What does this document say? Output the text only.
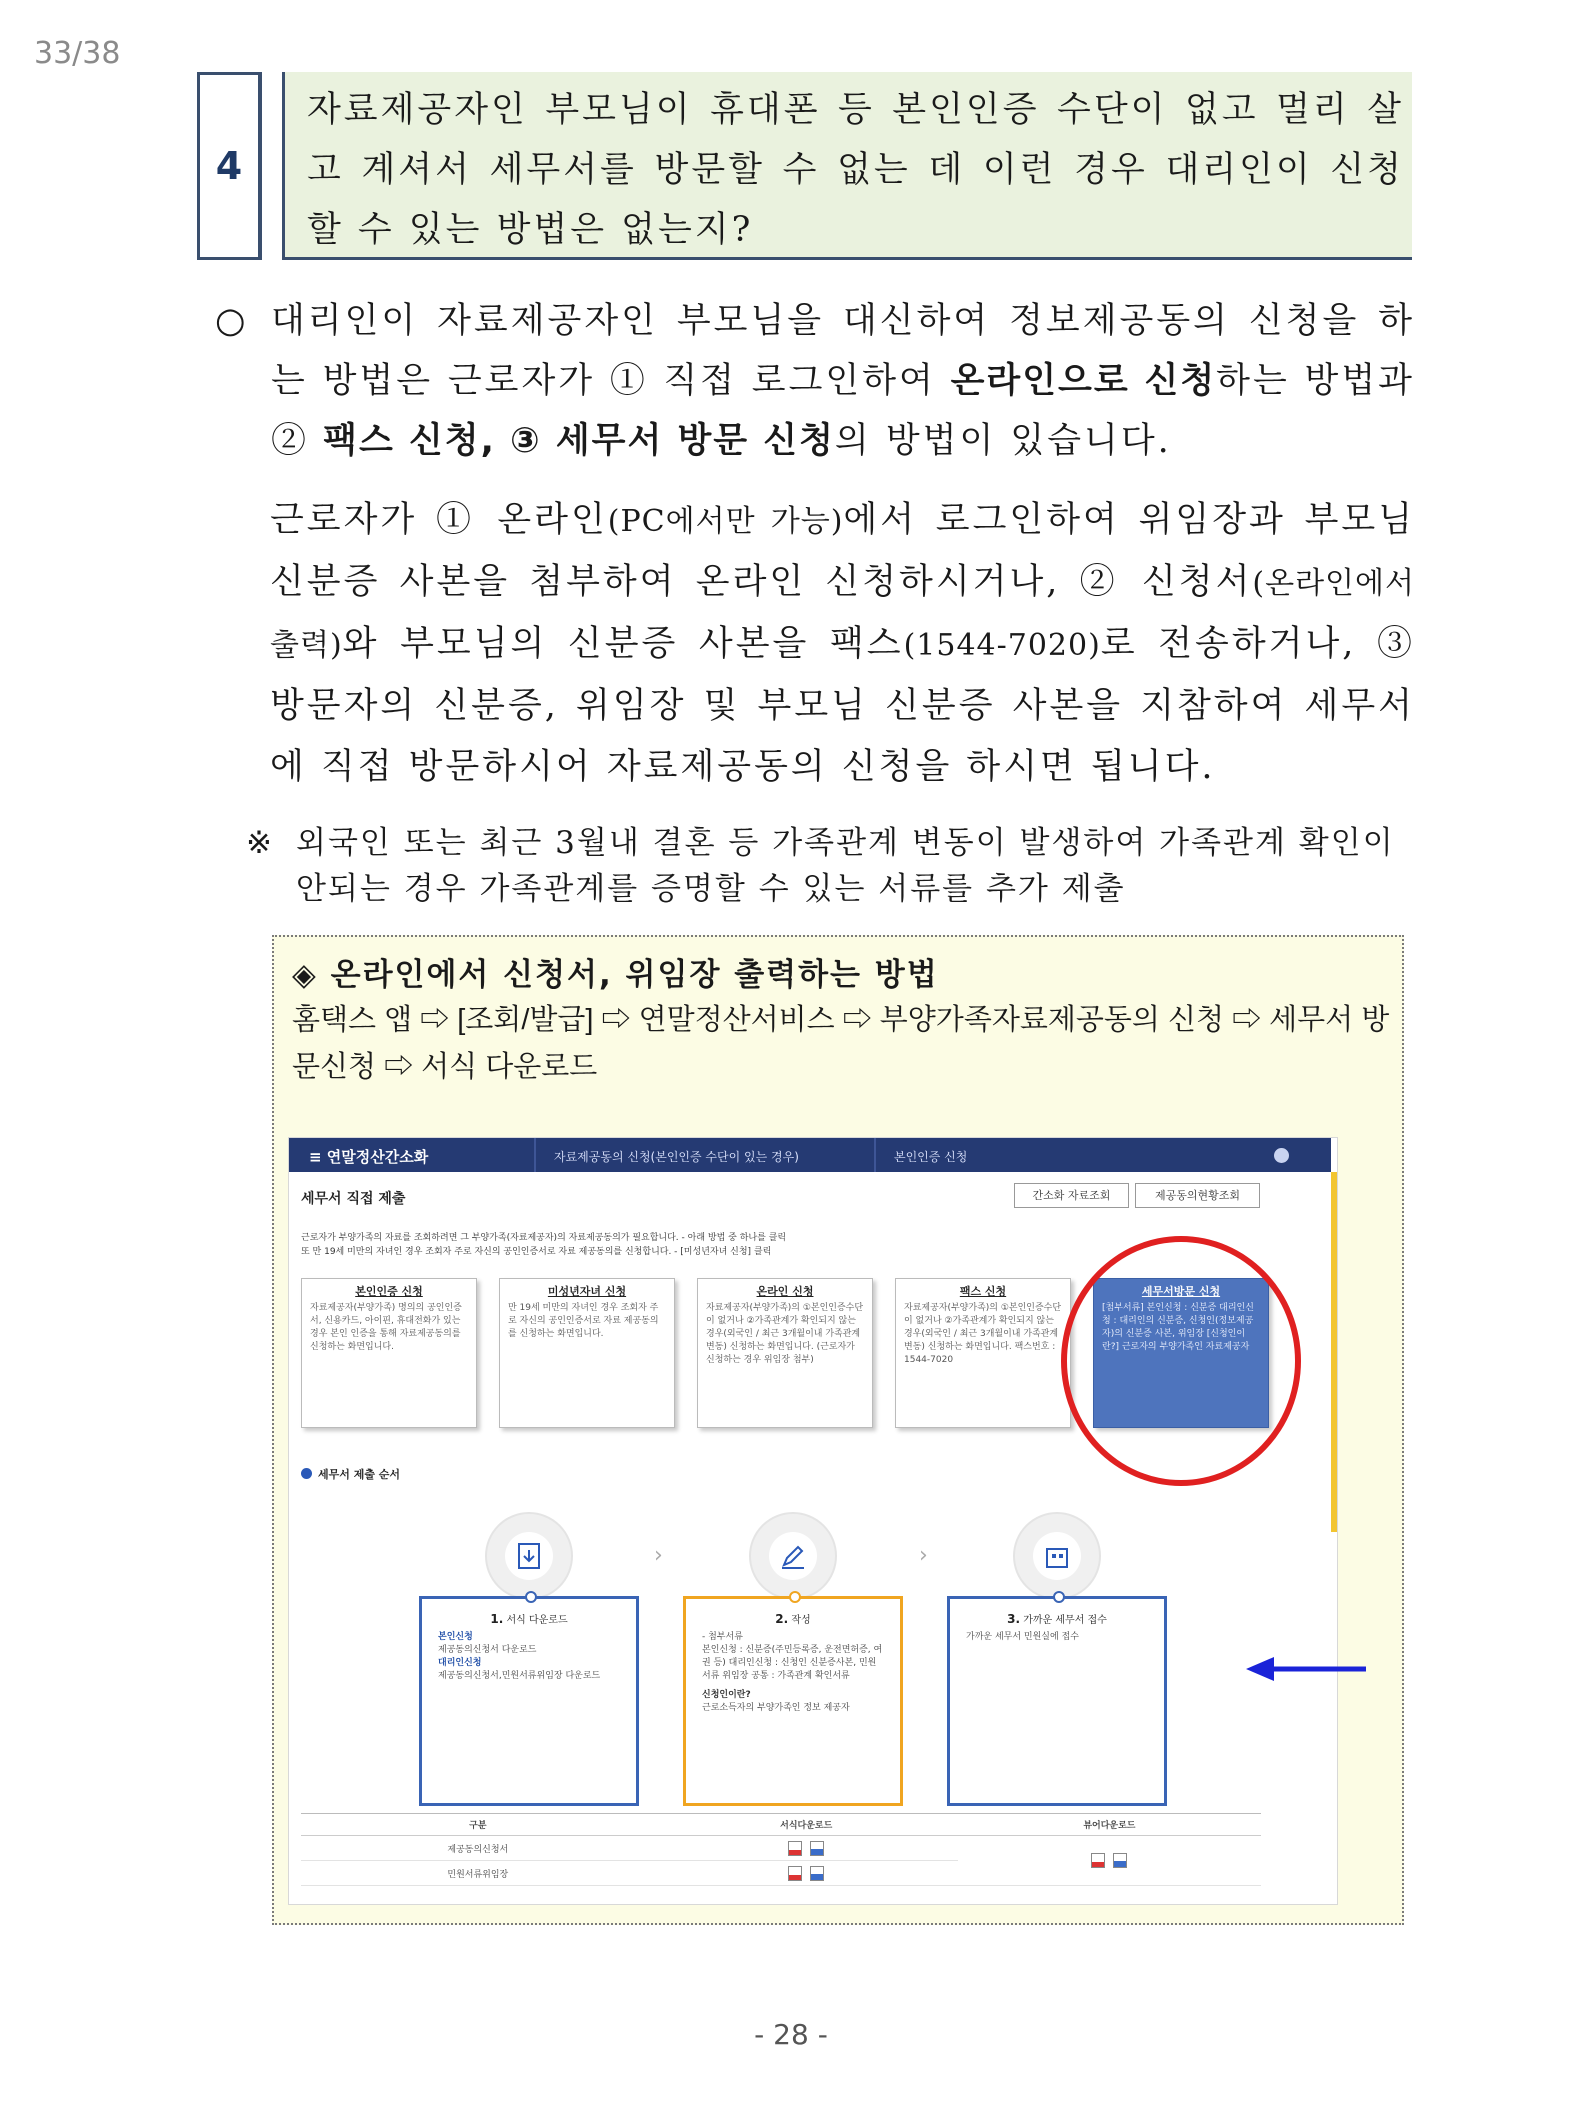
33/38
4
자료제공자인 부모님이 휴대폰 등 본인인증 수단이 없고 멀리 살고 계셔서 세무서를 방문할 수 없는 데 이런 경우 대리인이 신청할 수 있는 방법은 없는지?
○ 대리인이 자료제공자인 부모님을 대신하여 정보제공동의 신청을 하는 방법은 근로자가 ① 직접 로그인하여 온라인으로 신청하는 방법과 ② 팩스 신청, ③ 세무서 방문 신청의 방법이 있습니다.
근로자가 ① 온라인(PC에서만 가능)에서 로그인하여 위임장과 부모님 신분증 사본을 첨부하여 온라인 신청하시거나, ② 신청서(온라인에서 출력)와 부모님의 신분증 사본을 팩스(1544-7020)로 전송하거나, ③ 방문자의 신분증, 위임장 및 부모님 신분증 사본을 지참하여 세무서에 직접 방문하시어 자료제공동의 신청을 하시면 됩니다.
※ 외국인 또는 최근 3월내 결혼 등 가족관계 변동이 발생하여 가족관계 확인이 안되는 경우 가족관계를 증명할 수 있는 서류를 추가 제출
◈ 온라인에서 신청서, 위임장 출력하는 방법
홈택스 앱 ⇨ [조회/발급] ⇨ 연말정산서비스 ⇨ 부양가족자료제공동의 신청 ⇨ 세무서 방문신청 ⇨ 서식 다운로드
≡ 연말정산간소화	자료제공동의 신청(본인인증 수단이 있는 경우)	본인인증 신청
세무서 직접 제출	간소화 자료조회	제공동의현황조회
근로자가 부양가족의 자료를 조회하려면 그 부양가족(자료제공자)의 자료제공동의가 필요합니다. - 아래 방법 중 하나를 클릭
또 만 19세 미만의 자녀인 경우 조회자 주로 자신의 공인인증서로 자료 제공동의를 신청합니다. - [미성년자녀 신청] 클릭
본인인증 신청
자료제공자(부양가족) 명의의 공인인증서, 신용카드, 아이핀, 휴대전화가 있는 경우 본인 인증을 통해 자료제공동의를 신청하는 화면입니다.
미성년자녀 신청
만 19세 미만의 자녀인 경우 조회자 주로 자신의 공인인증서로 자료 제공동의를 신청하는 화면입니다.
온라인 신청
자료제공자(부양가족)의 ①본인인증수단이 없거나 ②가족관계가 확인되지 않는 경우(외국인 / 최근 3개월이내 가족관계 변동) 신청하는 화면입니다. (근로자가 신청하는 경우 위임장 첨부)
팩스 신청
자료제공자(부양가족)의 ①본인인증수단이 없거나 ②가족관계가 확인되지 않는 경우(외국인 / 최근 3개월이내 가족관계 변동) 신청하는 화면입니다. 팩스번호 : 1544-7020
세무서방문 신청
[첨부서류] 본인신청 : 신분증 대리인신청 : 대리인의 신분증, 신청인(정보제공자)의 신분증 사본, 위임장 [신청인이란?] 근로자의 부양가족인 자료제공자
세무서 제출 순서
›	›
1. 서식 다운로드
본인신청
제공동의신청서 다운로드
대리인신청
제공동의신청서,민원서류위임장 다운로드
2. 작성
- 첨부서류
본인신청 : 신분증(주민등록증, 운전면허증, 여권 등) 대리인신청 : 신청인 신분증사본, 민원서류 위임장 공통 : 가족관계 확인서류
신청인이란?
근로소득자의 부양가족인 정보 제공자
3. 가까운 세무서 접수
가까운 세무서 민원실에 접수
구분	서식다운로드	뷰어다운로드
제공동의신청서		
민원서류위임장		
- 28 -
